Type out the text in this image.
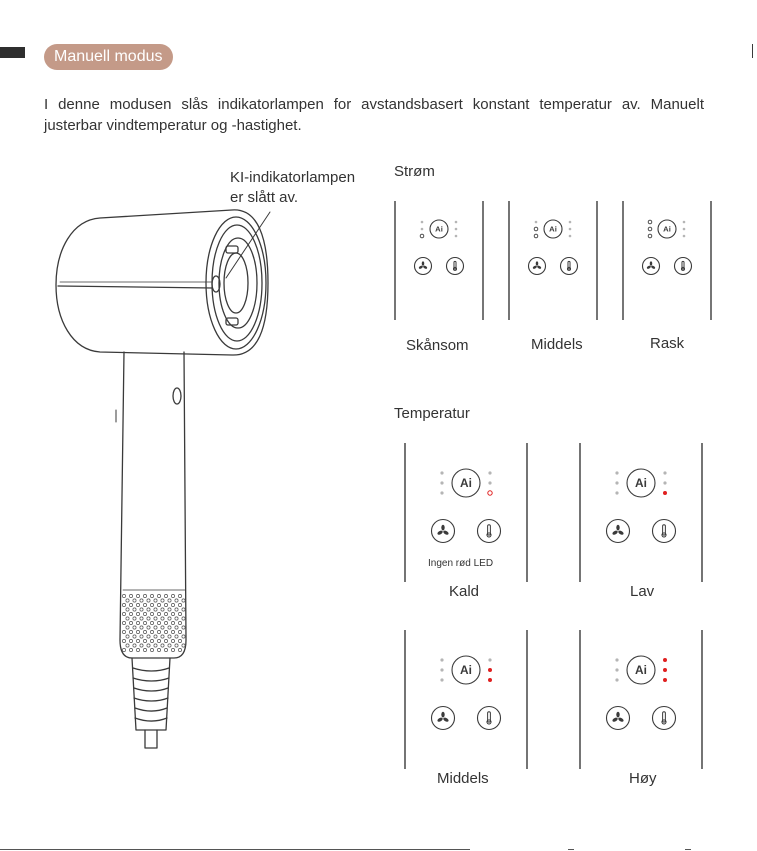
Manuell modus
I denne modusen slås indikatorlampen for avstandsbasert konstant temperatur av. Manuelt justerbar vindtemperatur og -hastighet.
KI-indikatorlampen
er slått av.
Strøm
Ai
Skånsom
Ai
Middels
Ai
Rask
Temperatur
Ai
Ingen rød LED
Kald
Ai
Lav
Ai
Middels
Ai
Høy
